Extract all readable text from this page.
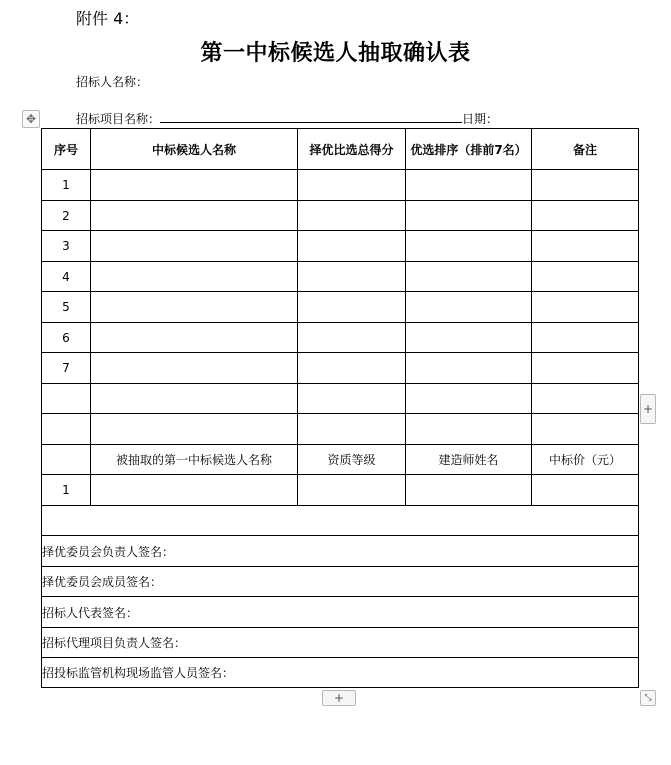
附件 4：
第一中标候选人抽取确认表
招标人名称：
招标项目名称：	日期：
✥
序号	中标候选人名称	择优比选总得分	优选排序（排前7名）	备注
1				
2				
3				
4				
5				
6				
7				

	被抽取的第一中标候选人名称	资质等级	建造师姓名	中标价（元）
1				

择优委员会负责人签名：				
择优委员会成员签名：				
招标人代表签名：				
招标代理项目负责人签名：				
招投标监管机构现场监管人员签名：				
+
+	⤡
